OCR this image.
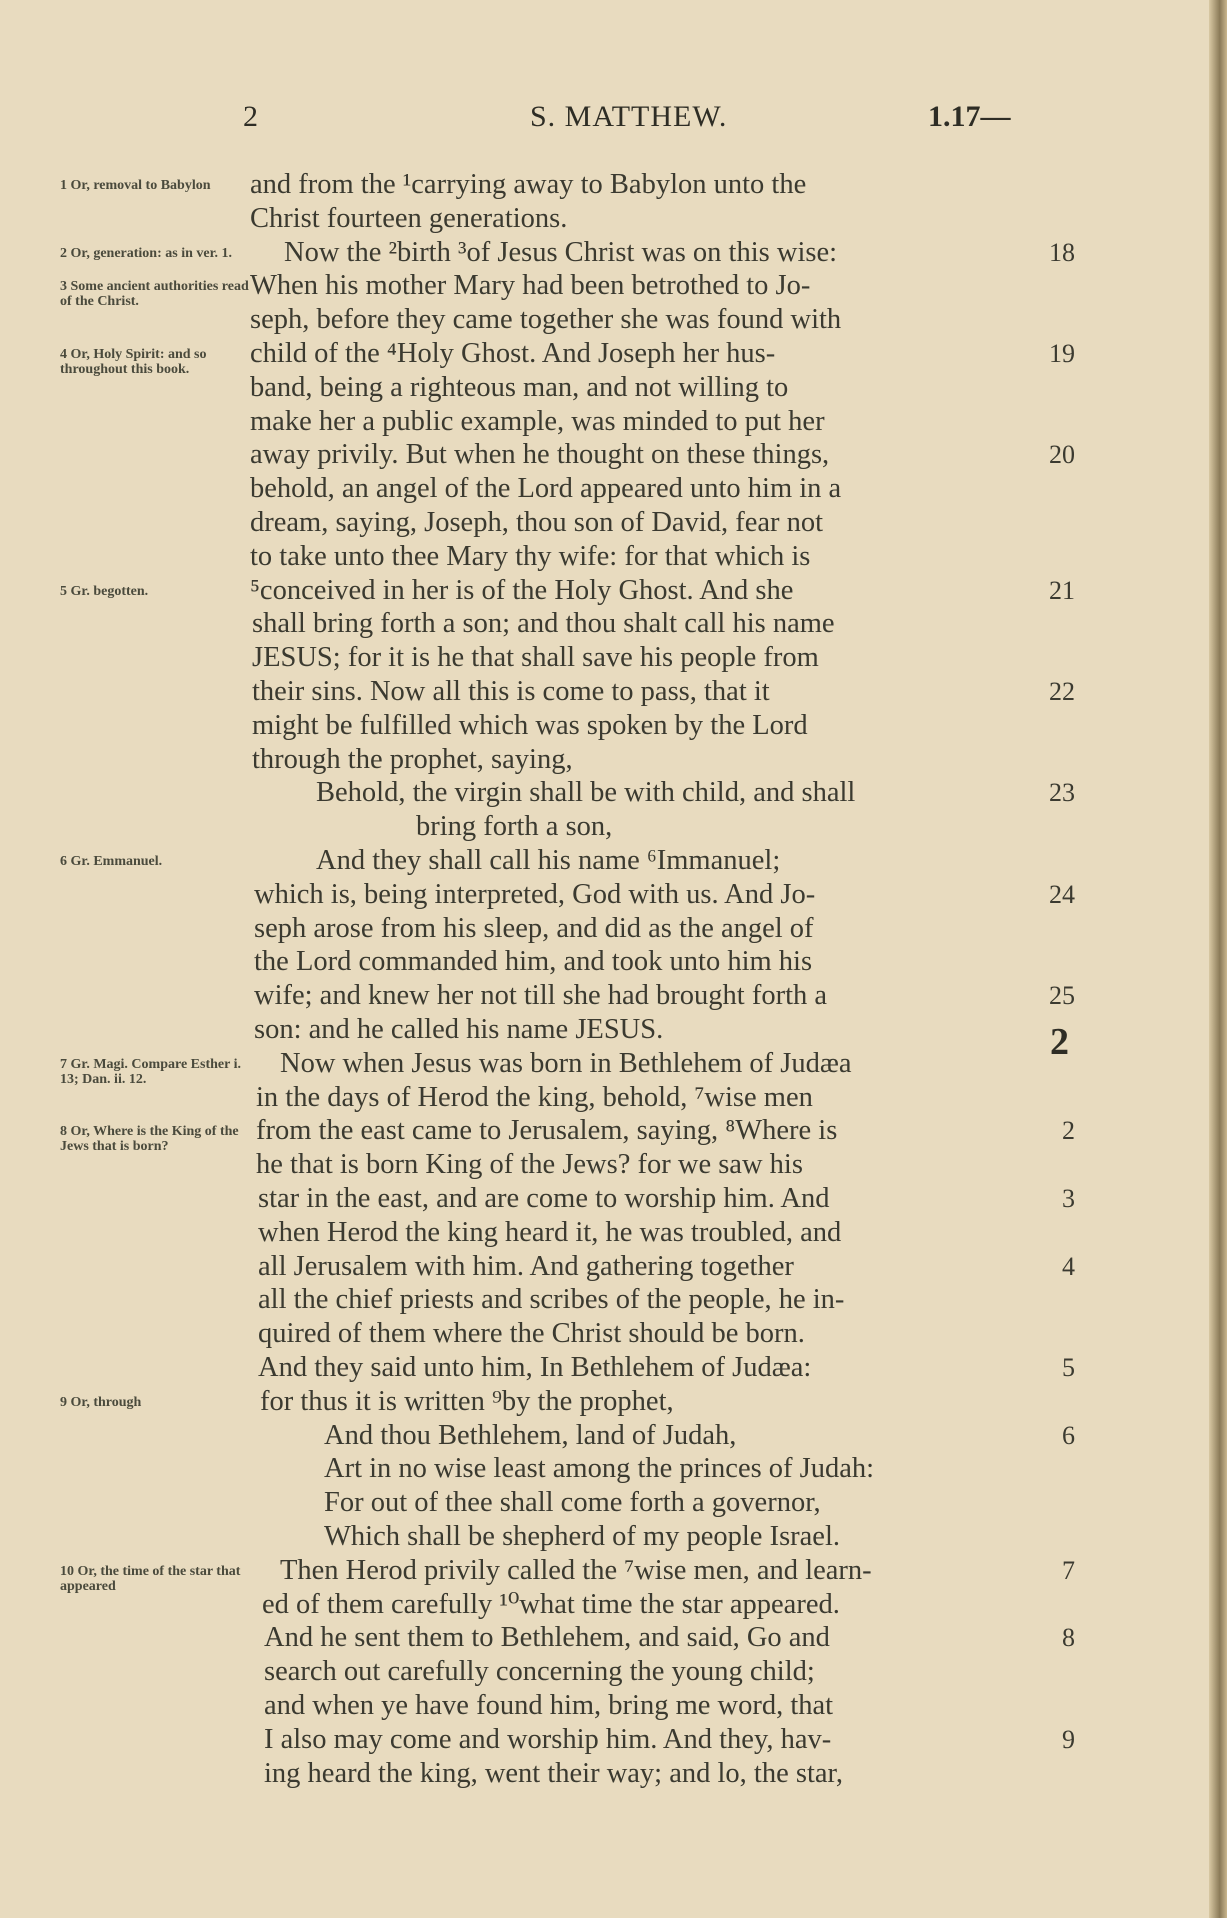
2	S. MATTHEW.	1.17—
2
and from the ¹carrying away to Babylon unto the
Christ fourteen generations.
Now the ²birth ³of Jesus Christ was on this wise:	18
When his mother Mary had been betrothed to Jo-
seph, before they came together she was found with
child of the ⁴Holy Ghost. And Joseph her hus-	19
band, being a righteous man, and not willing to
make her a public example, was minded to put her
away privily. But when he thought on these things,	20
behold, an angel of the Lord appeared unto him in a
dream, saying, Joseph, thou son of David, fear not
to take unto thee Mary thy wife: for that which is
⁵conceived in her is of the Holy Ghost. And she	21
shall bring forth a son; and thou shalt call his name
JESUS; for it is he that shall save his people from
their sins. Now all this is come to pass, that it	22
might be fulfilled which was spoken by the Lord
through the prophet, saying,
Behold, the virgin shall be with child, and shall	23
bring forth a son,
And they shall call his name ⁶Immanuel;
which is, being interpreted, God with us. And Jo-	24
seph arose from his sleep, and did as the angel of
the Lord commanded him, and took unto him his
wife; and knew her not till she had brought forth a	25
son: and he called his name JESUS.
Now when Jesus was born in Bethlehem of Judæa
in the days of Herod the king, behold, ⁷wise men
from the east came to Jerusalem, saying, ⁸Where is	2
he that is born King of the Jews? for we saw his
star in the east, and are come to worship him. And	3
when Herod the king heard it, he was troubled, and
all Jerusalem with him. And gathering together	4
all the chief priests and scribes of the people, he in-
quired of them where the Christ should be born.
And they said unto him, In Bethlehem of Judæa:	5
for thus it is written ⁹by the prophet,
And thou Bethlehem, land of Judah,	6
Art in no wise least among the princes of Judah:
For out of thee shall come forth a governor,
Which shall be shepherd of my people Israel.
Then Herod privily called the ⁷wise men, and learn-	7
ed of them carefully ¹⁰what time the star appeared.
And he sent them to Bethlehem, and said, Go and	8
search out carefully concerning the young child;
and when ye have found him, bring me word, that
I also may come and worship him. And they, hav-	9
ing heard the king, went their way; and lo, the star,
1 Or, removal to Babylon
2 Or, generation: as in ver. 1.
3 Some ancient authorities read of the Christ.
4 Or, Holy Spirit: and so throughout this book.
5 Gr. begotten.
6 Gr. Emmanuel.
7 Gr. Magi. Compare Esther i. 13; Dan. ii. 12.
8 Or, Where is the King of the Jews that is born?
9 Or, through
10 Or, the time of the star that appeared
